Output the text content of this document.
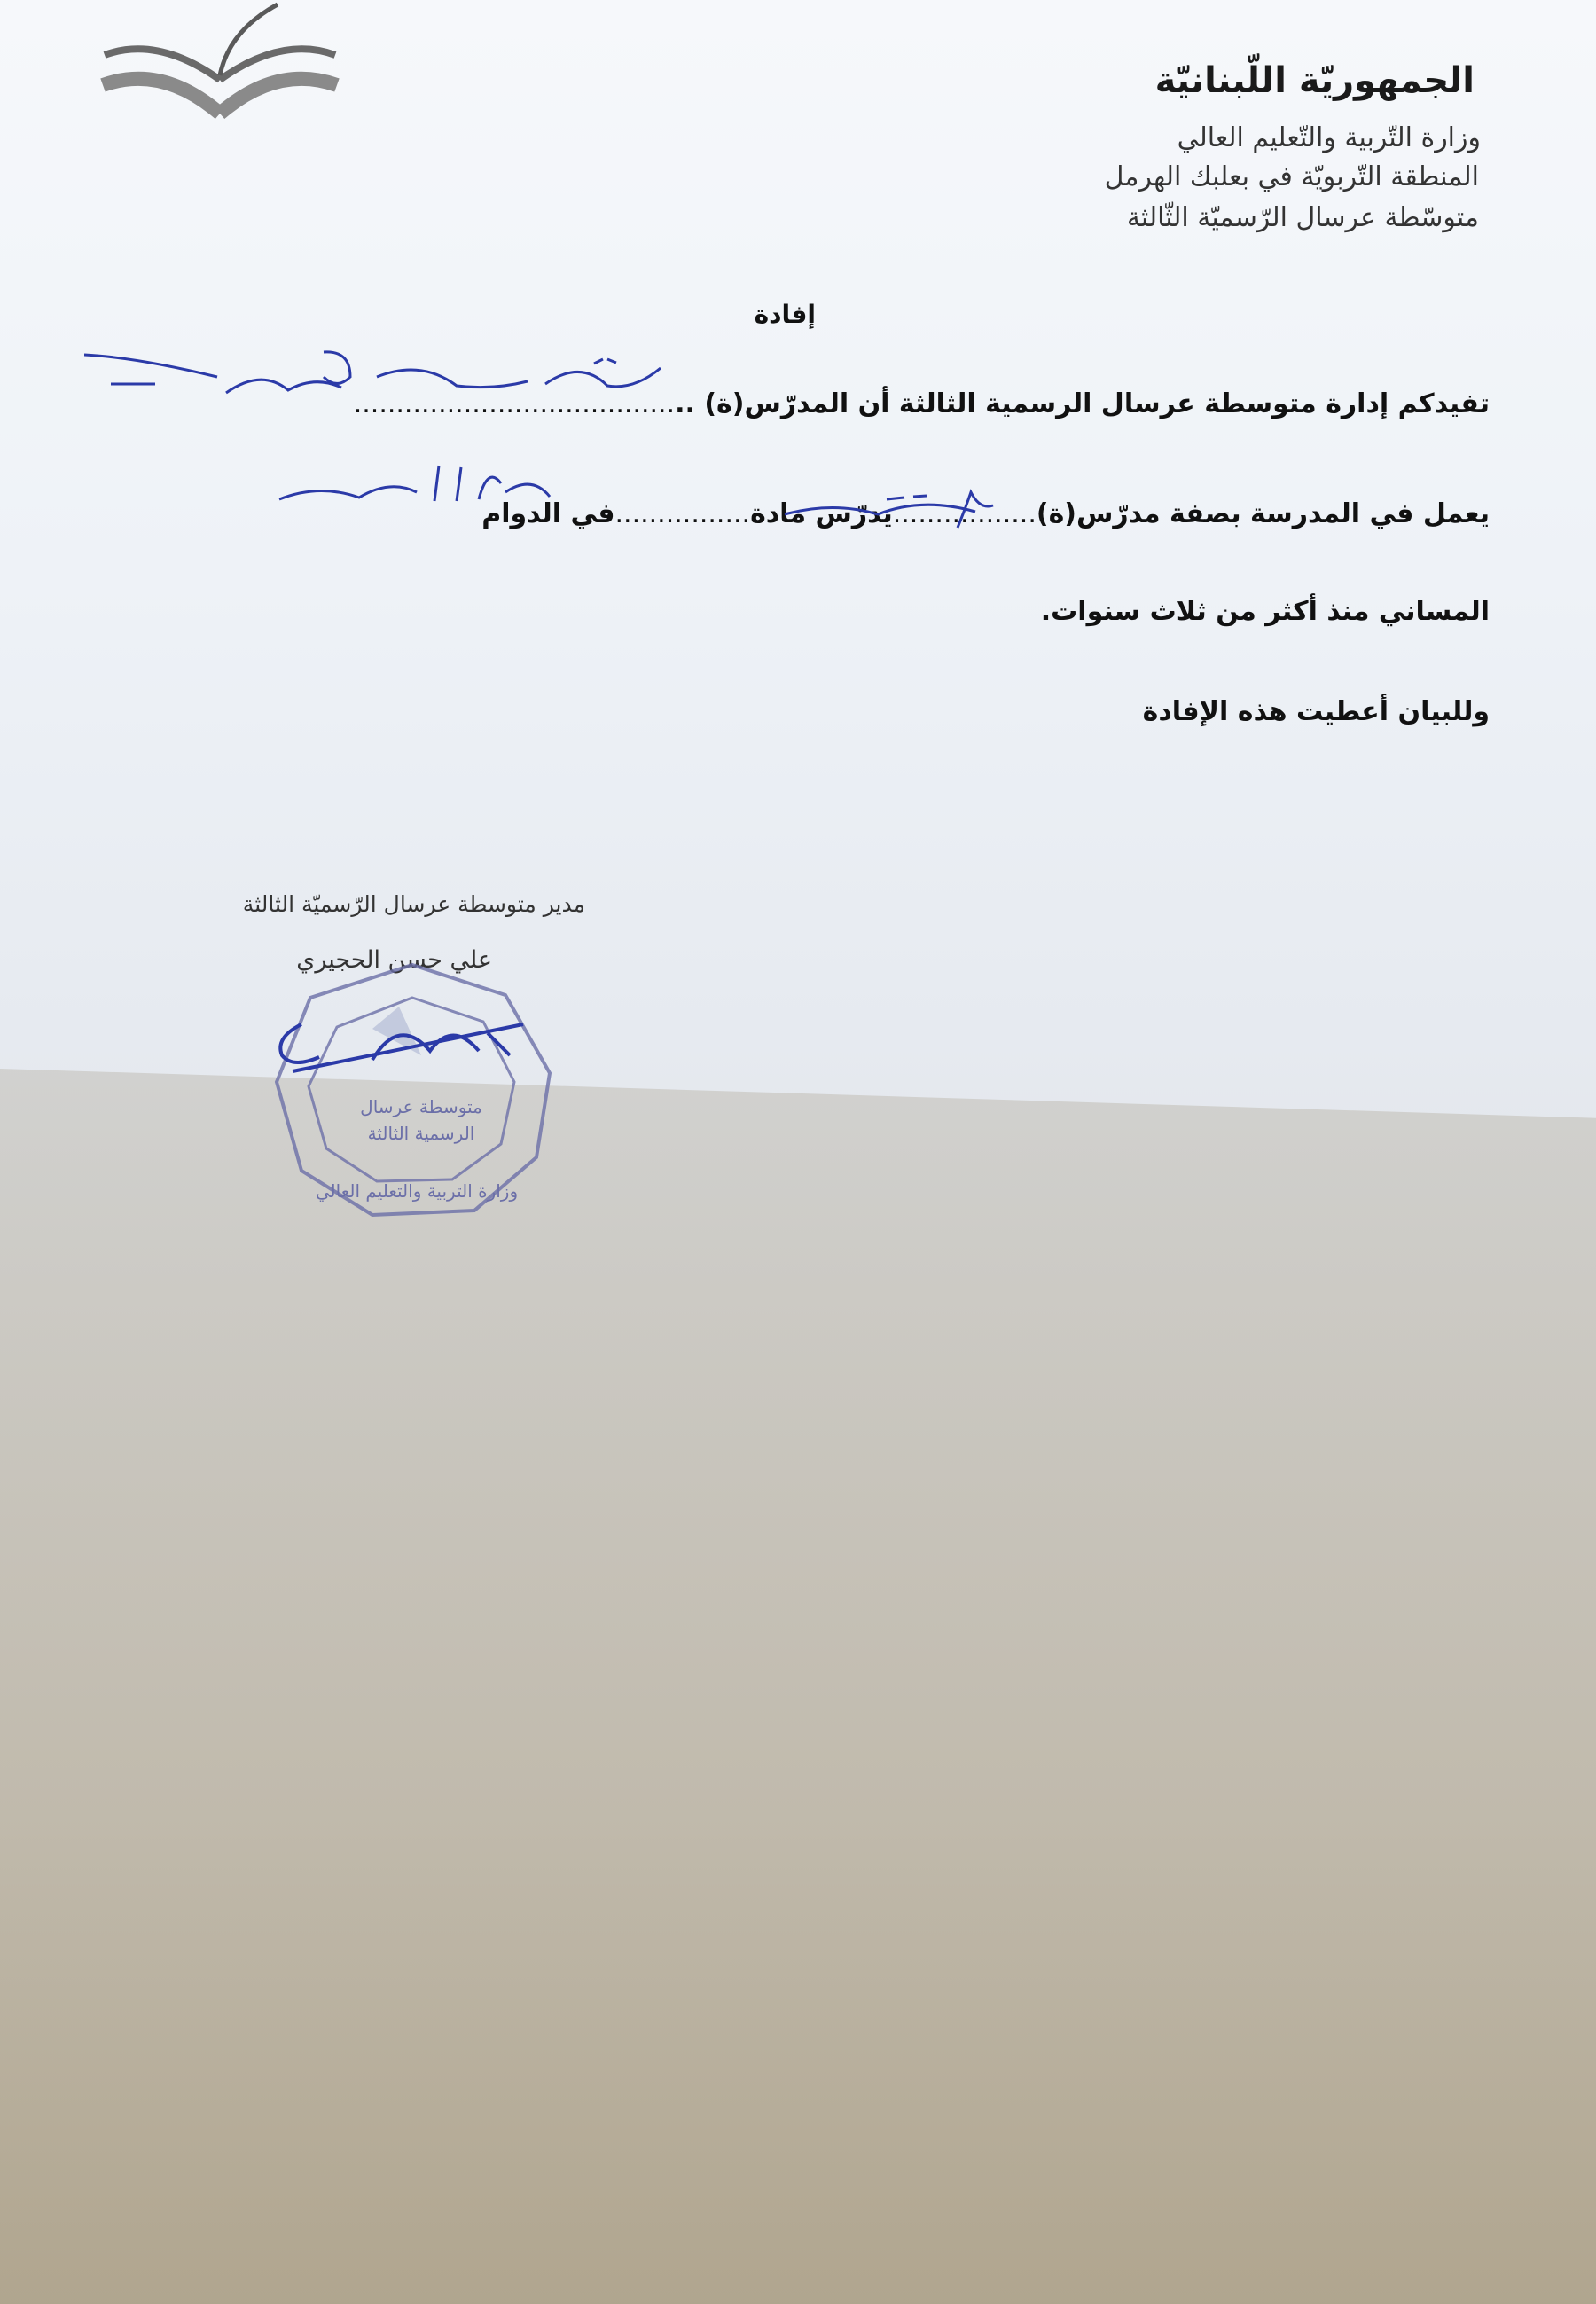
الجمهوريّة اللّبنانيّة
وزارة التّربية والتّعليم العالي
المنطقة التّربويّة في بعلبك الهرمل
متوسّطة عرسال الرّسميّة الثّالثة
إفادة
تفيدكم إدارة متوسطة عرسال الرسمية الثالثة أن المدرّس(ة) ........................................
يعمل في المدرسة بصفة مدرّس(ة).................يدرّس مادة................في الدوام
المساني منذ أكثر من ثلاث سنوات.
وللبيان أعطيت هذه الإفادة
مدير متوسطة عرسال الرّسميّة الثالثة
علي حسن الحجيري
متوسطة عرسال
الرسمية الثالثة
وزارة التربية والتعليم العالي
